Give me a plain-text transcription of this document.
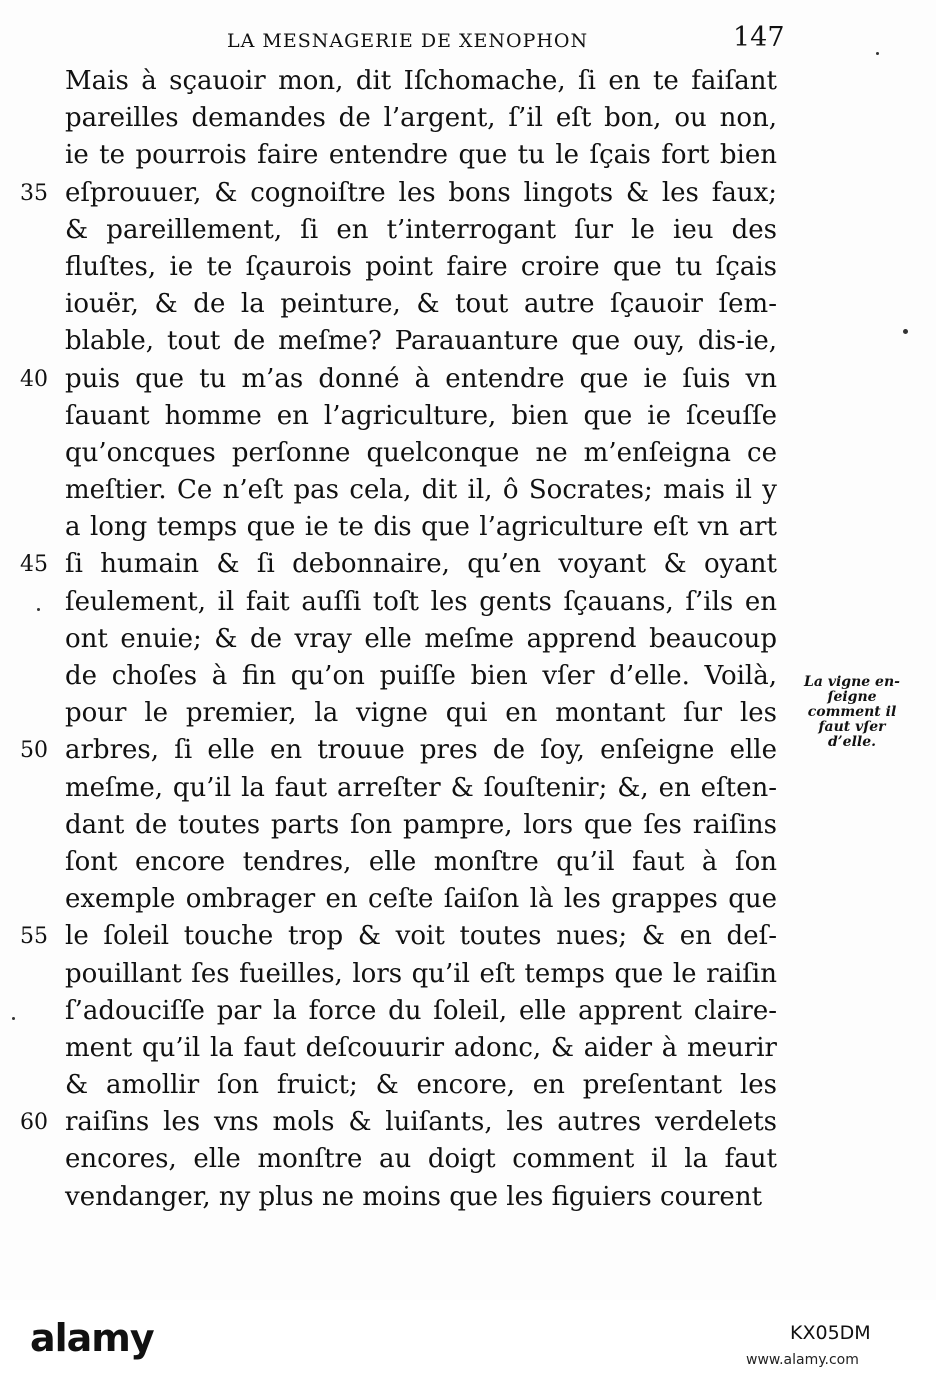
LA MESNAGERIE DE XENOPHON	147
Mais à sçauoir mon, dit Iſchomache, ſi en te faiſant
pareilles demandes de l’argent, ſ’il eſt bon, ou non,
ie te pourrois faire entendre que tu le ſçais fort bien
35 eſprouuer, & cognoiſtre les bons lingots & les faux;
& pareillement, ſi en t’interrogant ſur le ieu des
fluſtes, ie te ſçaurois point faire croire que tu ſçais
iouër, & de la peinture, & tout autre ſçauoir ſem-
blable, tout de meſme? Parauanture que ouy, dis-ie,
40 puis que tu m’as donné à entendre que ie ſuis vn
ſauant homme en l’agriculture, bien que ie ſceuſſe
qu’oncques perſonne quelconque ne m’enſeigna ce
meſtier. Ce n’eſt pas cela, dit il, ô Socrates; mais il y
a long temps que ie te dis que l’agriculture eſt vn art
45 ſi humain & ſi debonnaire, qu’en voyant & oyant
ſeulement, il fait auſſi toſt les gents ſçauans, ſ’ils en
ont enuie; & de vray elle meſme apprend beaucoup
de choſes à fin qu’on puiſſe bien vſer d’elle. Voilà,
pour le premier, la vigne qui en montant ſur les
50 arbres, ſi elle en trouue pres de ſoy, enſeigne elle
meſme, qu’il la faut arreſter & ſouſtenir; &, en eſten-
dant de toutes parts ſon pampre, lors que ſes raiſins
ſont encore tendres, elle monſtre qu’il faut à ſon
exemple ombrager en ceſte ſaiſon là les grappes que
55 le ſoleil touche trop & voit toutes nues; & en deſ-
pouillant ſes fueilles, lors qu’il eſt temps que le raiſin
ſ’adouciſſe par la force du ſoleil, elle apprent claire-
ment qu’il la faut deſcouurir adonc, & aider à meurir
& amollir ſon fruict; & encore, en preſentant les
60 raiſins les vns mols & luiſants, les autres verdelets
encores, elle monſtre au doigt comment il la faut
vendanger, ny plus ne moins que les figuiers courent
La vigne en-
ſeigne
comment il
faut vſer
d’elle.
alamy	KX05DM
www.alamy.com
